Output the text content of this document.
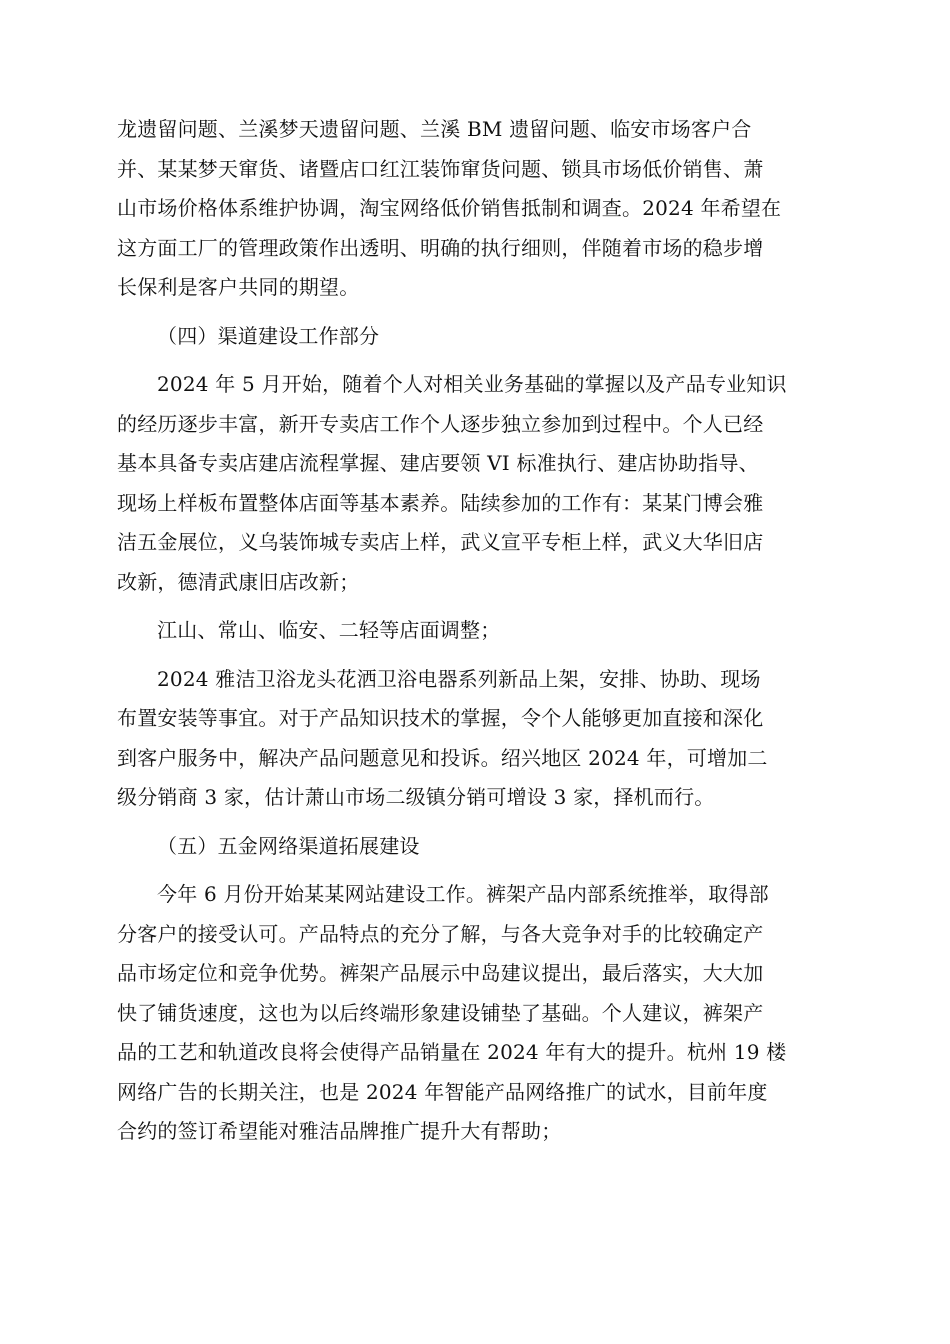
龙遗留问题、兰溪梦天遗留问题、兰溪 BM 遗留问题、临安市场客户合
并、某某梦天窜货、诸暨店口红江装饰窜货问题、锁具市场低价销售、萧
山市场价格体系维护协调，淘宝网络低价销售抵制和调查。2024 年希望在
这方面工厂的管理政策作出透明、明确的执行细则，伴随着市场的稳步增
长保利是客户共同的期望。
（四）渠道建设工作部分
2024 年 5 月开始，随着个人对相关业务基础的掌握以及产品专业知识
的经历逐步丰富，新开专卖店工作个人逐步独立参加到过程中。个人已经
基本具备专卖店建店流程掌握、建店要领 VI 标准执行、建店协助指导、
现场上样板布置整体店面等基本素养。陆续参加的工作有：某某门博会雅
洁五金展位，义乌装饰城专卖店上样，武义宣平专柜上样，武义大华旧店
改新，德清武康旧店改新；
江山、常山、临安、二轻等店面调整；
2024 雅洁卫浴龙头花洒卫浴电器系列新品上架，安排、协助、现场
布置安装等事宜。对于产品知识技术的掌握，令个人能够更加直接和深化
到客户服务中，解决产品问题意见和投诉。绍兴地区 2024 年，可增加二
级分销商 3 家，估计萧山市场二级镇分销可增设 3 家，择机而行。
（五）五金网络渠道拓展建设
今年 6 月份开始某某网站建设工作。裤架产品内部系统推举，取得部
分客户的接受认可。产品特点的充分了解，与各大竞争对手的比较确定产
品市场定位和竞争优势。裤架产品展示中岛建议提出，最后落实，大大加
快了铺货速度，这也为以后终端形象建设铺垫了基础。个人建议，裤架产
品的工艺和轨道改良将会使得产品销量在 2024 年有大的提升。杭州 19 楼
网络广告的长期关注，也是 2024 年智能产品网络推广的试水，目前年度
合约的签订希望能对雅洁品牌推广提升大有帮助；
